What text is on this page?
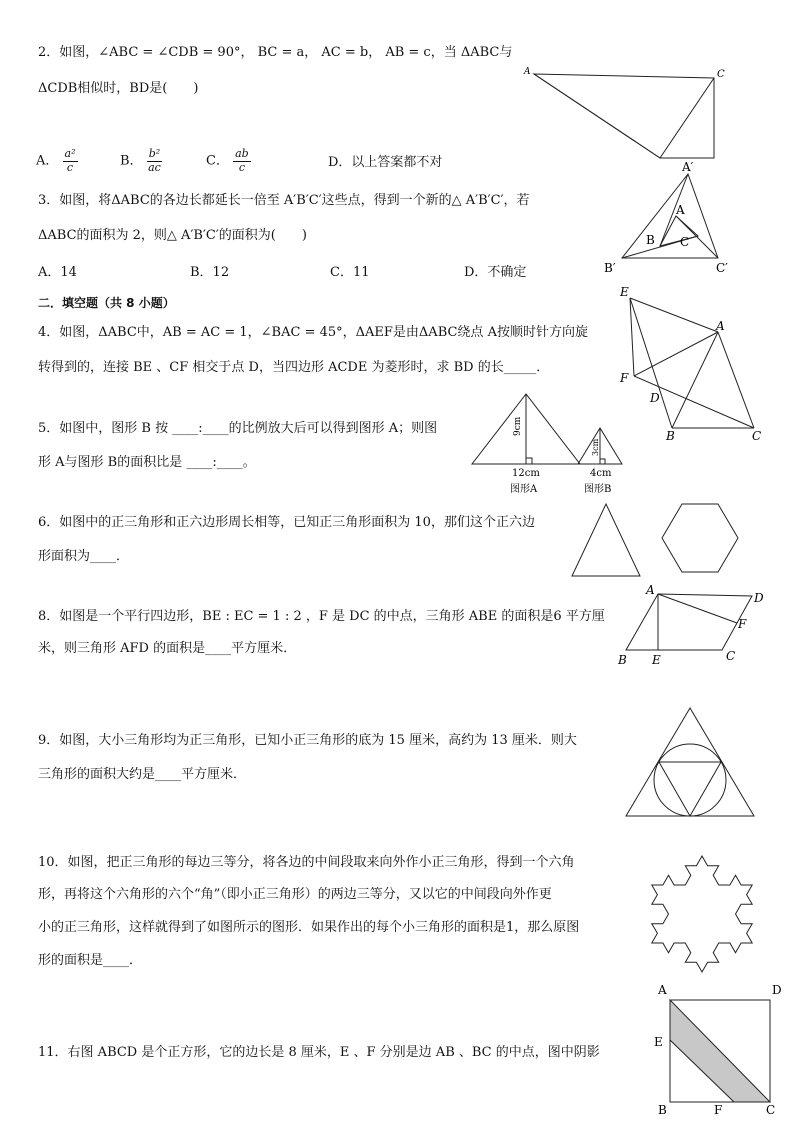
2．如图，∠ABC = ∠CDB = 90°， BC = a， AC = b， AB = c，当 ΔABC与
ΔCDB相似时，BD是(　　)
A． $\frac{\text{a²}}{c}$	B． $\frac{\text{b²}}{ac}$	C． $\frac{ab}{c}$	D．以上答案都不对
A	C
3．如图，将ΔABC的各边长都延长一倍至 A′B′C′这些点，得到一个新的△ A′B′C′，若
ΔABC的面积为 2，则△ A′B′C′的面积为(　　)
A．14	B．12	C．11	D．不确定
A′
A
B C
B′	C′
二．填空题（共 8 小题）
4．如图，ΔABC中，AB = AC = 1，∠BAC = 45°，ΔAEF是由ΔABC绕点 A按顺时针方向旋
转得到的，连接 BE 、CF 相交于点 D，当四边形 ACDE 为菱形时，求 BD 的长_____．
E
A
F
D
B	C
5．如图中，图形 B 按 ____:____的比例放大后可以得到图形 A；则图
形 A与图形 B的面积比是 ____:____。
9cm
12cm
图形A
3cm
4cm
图形B
6．如图中的正三角形和正六边形周长相等，已知正三角形面积为 10，那们这个正六边
形面积为____．
8．如图是一个平行四边形，BE : EC = 1 : 2 ，F 是 DC 的中点，三角形 ABE 的面积是6 平方厘
米，则三角形 AFD 的面积是____平方厘米．
A
D
F
B E	C
9．如图，大小三角形均为正三角形，已知小正三角形的底为 15 厘米，高约为 13 厘米．则大
三角形的面积大约是____平方厘米．
10．如图，把正三角形的每边三等分，将各边的中间段取来向外作小正三角形，得到一个六角
形，再将这个六角形的六个“角”（即小正三角形）的两边三等分，又以它的中间段向外作更
小的正三角形，这样就得到了如图所示的图形．如果作出的每个小三角形的面积是1，那么原图
形的面积是____．
11．右图 ABCD 是个正方形，它的边长是 8 厘米，E 、F 分别是边 AB 、BC 的中点，图中阴影
A	D
E
B	F	C
